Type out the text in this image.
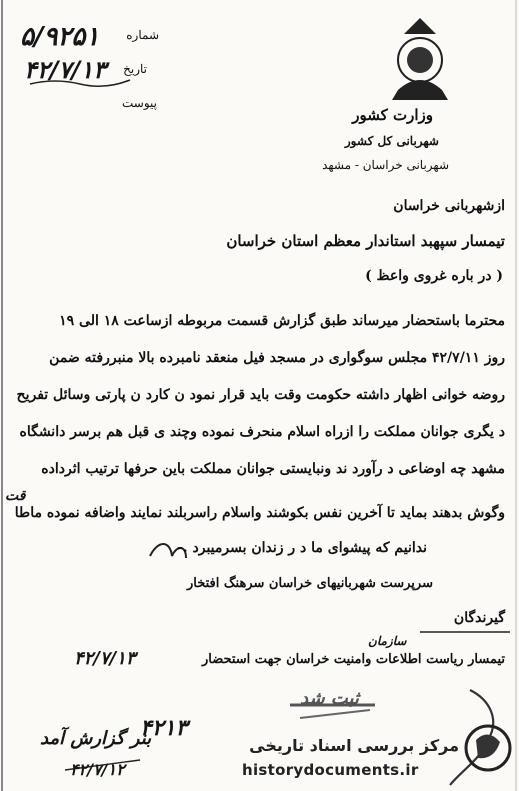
شماره
۵/۹۲۵۱
تاریخ
۴۲/۷/۱۳
پیوست
وزارت کشور
شهربانی کل کشور
شهربانی خراسان - مشهد
ازشهربانی خراسان
تیمسار سپهبد استاندار معظم استان خراسان
( در باره غروی واعظ )
محترما باستحضار میرساند طبق گزارش قسمت مربوطه ازساعت ۱۸ الی ۱۹
روز ۴۲/۷/۱۱ مجلس سوگواری در مسجد فیل منعقد نامبرده بالا منبررفته ضمن
روضه خوانی اظهار داشته حکومت وقت باید قرار نمود ن کارد ن پارتی وسائل تفریح
د یگری جوانان مملکت را ازراه اسلام منحرف نموده وچند ی قبل هم برسر دانشگاه
مشهد چه اوضاعی د رآورد ند ونبایستی جوانان مملکت باین حرفها ترتیب اثرداده
وگوش بدهند بماید تا آخرین نفس بکوشند واسلام راسربلند نمایند واضافه نموده ماطا
قت
ندانیم که پیشوای ما د ر زندان بسرمیبرد .-
سرپرست شهربانیهای خراسان سرهنگ افتخار
گیرندگان
سازمان
تیمسار ریاست اطلاعات وامنیت خراسان جهت استحضار
۴۲/۷/۱۳
ثبت شد
۴۲۱۳
بنر گزارش آمد
۴۲/۷/۱۲
مرکز بررسی اسناد تاریخی
historydocuments.ir
